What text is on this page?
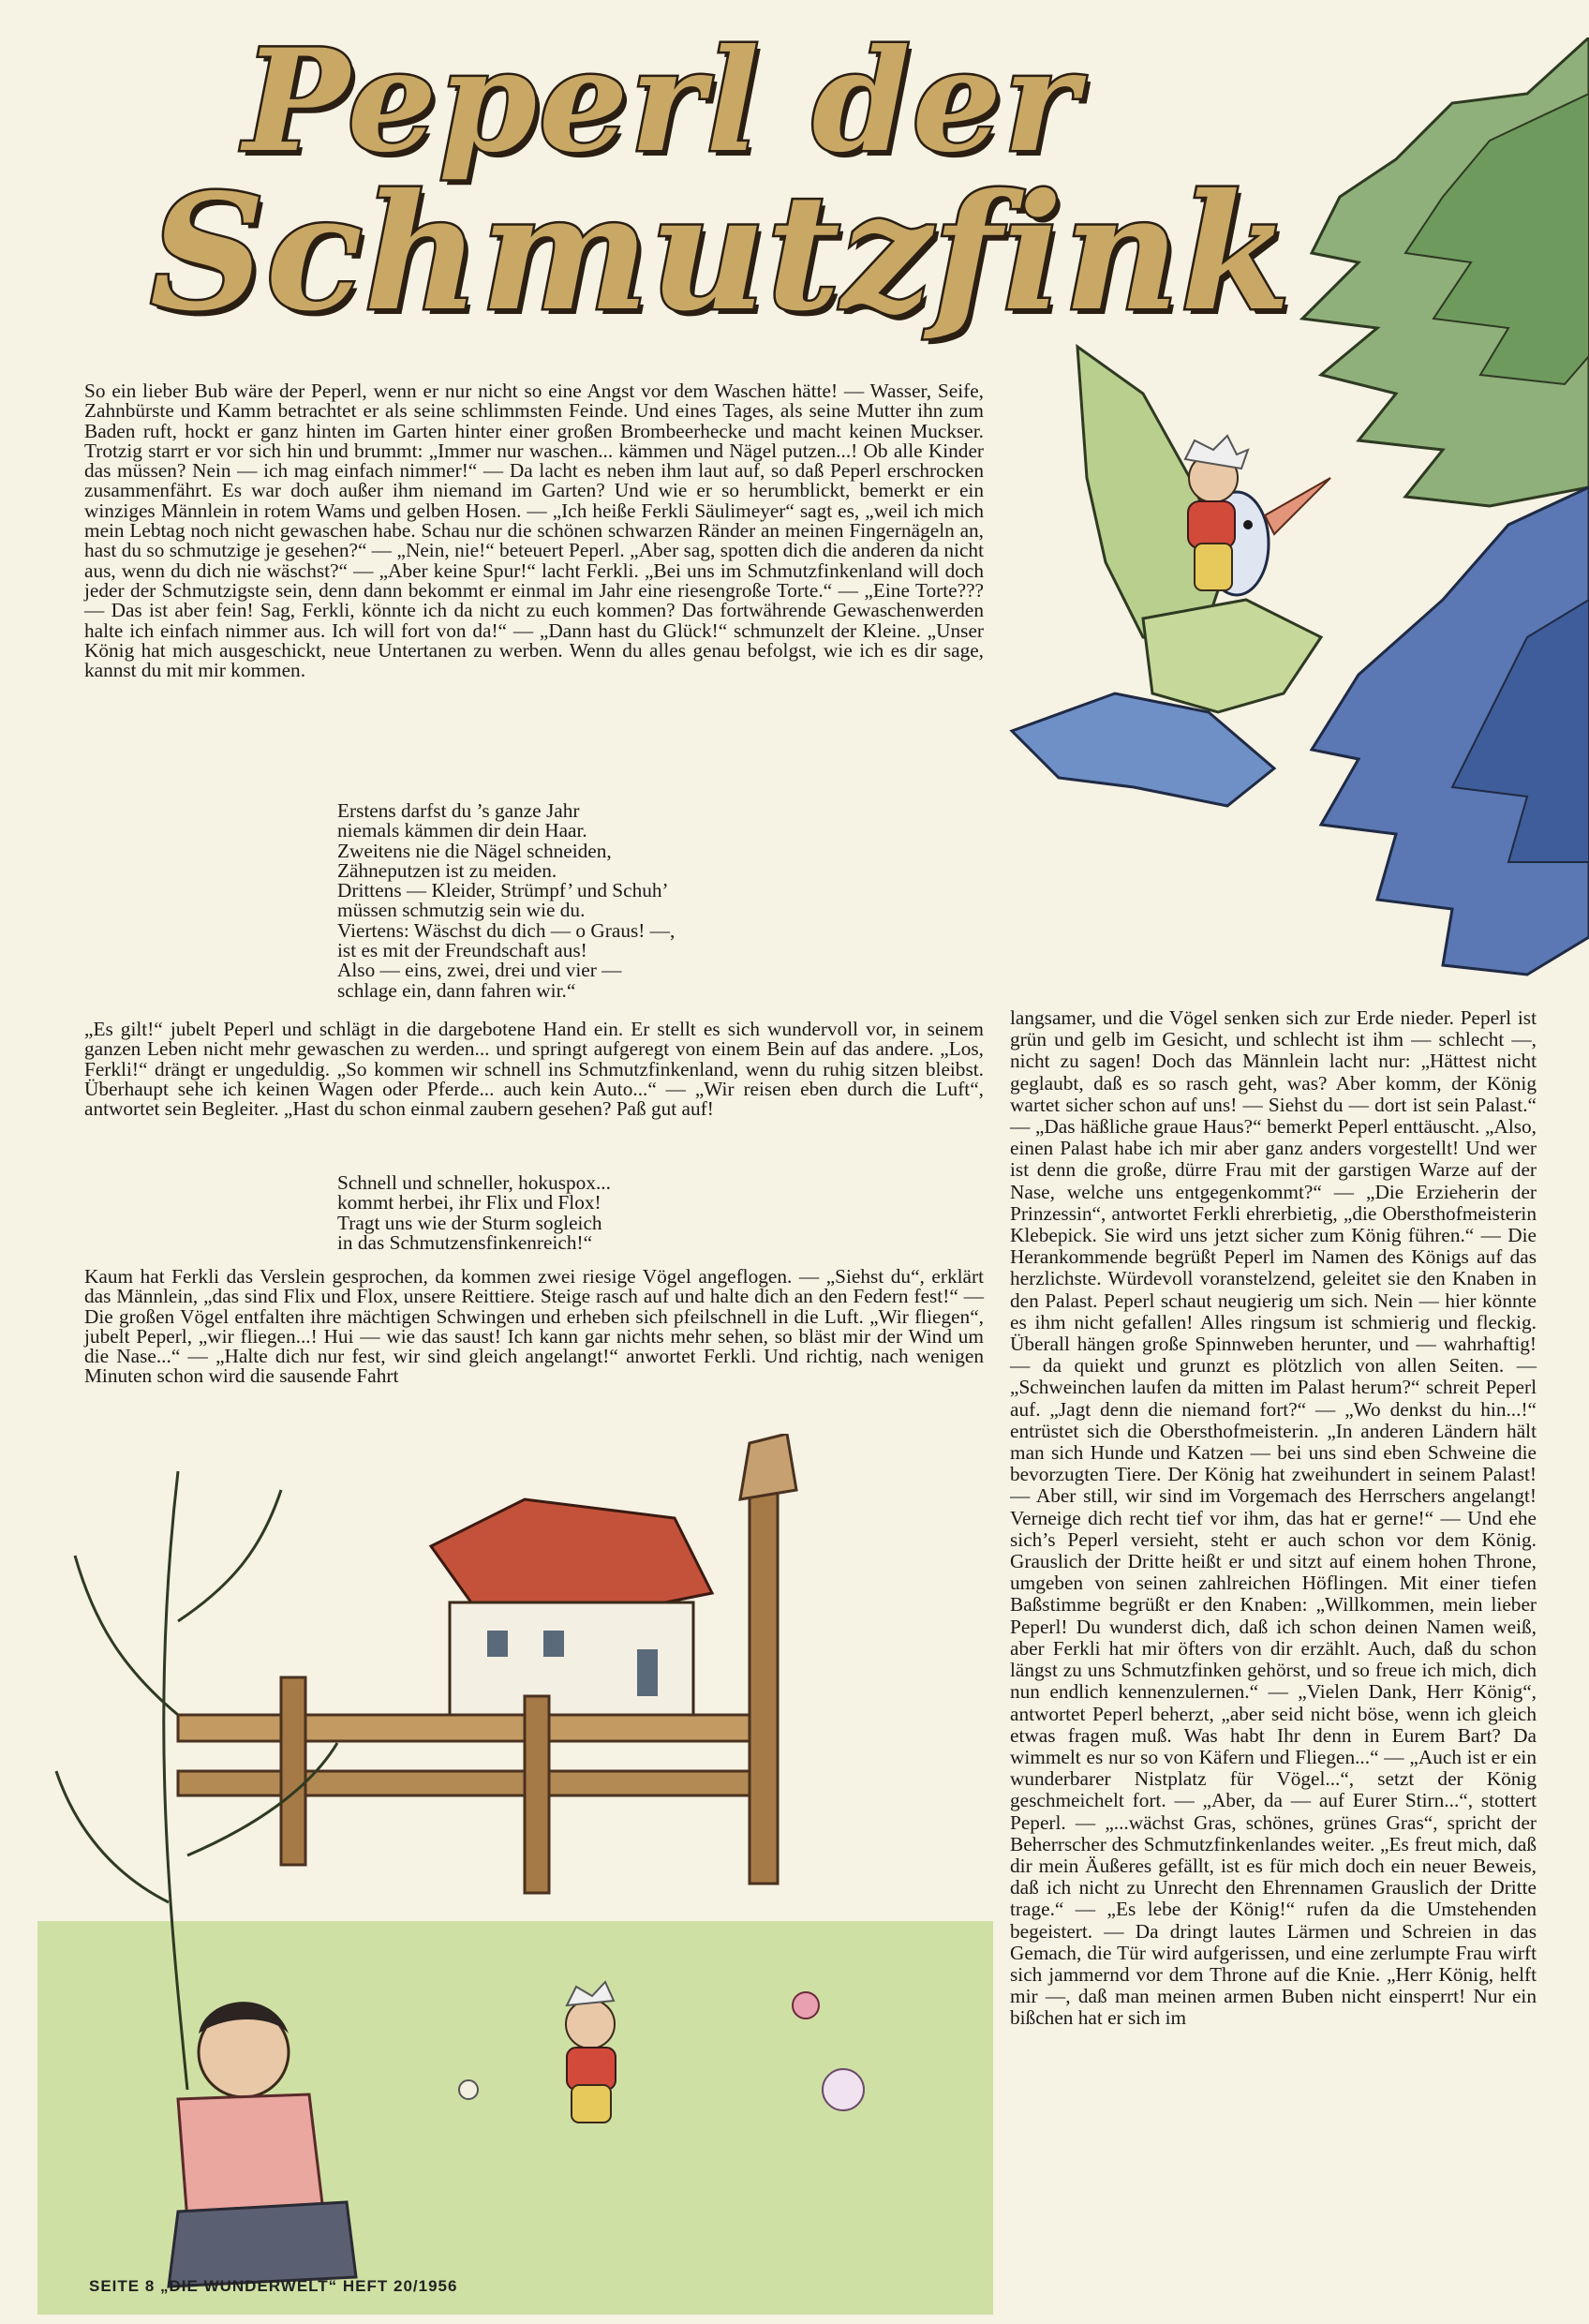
Peperl der
Schmutzfink

So ein lieber Bub wäre der Peperl, wenn er nur nicht so eine Angst vor dem Waschen hätte! — Wasser, Seife, Zahnbürste und Kamm betrachtet er als seine schlimmsten Feinde. Und eines Tages, als seine Mutter ihn zum Baden ruft, hockt er ganz hinten im Garten hinter einer großen Brombeerhecke und macht keinen Muckser. Trotzig starrt er vor sich hin und brummt: „Immer nur waschen... kämmen und Nägel putzen...! Ob alle Kinder das müssen? Nein — ich mag einfach nimmer!“ — Da lacht es neben ihm laut auf, so daß Peperl erschrocken zusammenfährt. Es war doch außer ihm niemand im Garten? Und wie er so herumblickt, bemerkt er ein winziges Männlein in rotem Wams und gelben Hosen. — „Ich heiße Ferkli Säulimeyer“ sagt es, „weil ich mich mein Lebtag noch nicht gewaschen habe. Schau nur die schönen schwarzen Ränder an meinen Fingernägeln an, hast du so schmutzige je gesehen?“ — „Nein, nie!“ beteuert Peperl. „Aber sag, spotten dich die anderen da nicht aus, wenn du dich nie wäschst?“ — „Aber keine Spur!“ lacht Ferkli. „Bei uns im Schmutzfinkenland will doch jeder der Schmutzigste sein, denn dann bekommt er einmal im Jahr eine riesengroße Torte.“ — „Eine Torte??? — Das ist aber fein! Sag, Ferkli, könnte ich da nicht zu euch kommen? Das fortwährende Gewaschenwerden halte ich einfach nimmer aus. Ich will fort von da!“ — „Dann hast du Glück!“ schmunzelt der Kleine. „Unser König hat mich ausgeschickt, neue Untertanen zu werben. Wenn du alles genau befolgst, wie ich es dir sage, kannst du mit mir kommen.

Erstens darfst du ’s ganze Jahr
niemals kämmen dir dein Haar.
Zweitens nie die Nägel schneiden,
Zähneputzen ist zu meiden.
Drittens — Kleider, Strümpf’ und Schuh’
müssen schmutzig sein wie du.
Viertens: Wäschst du dich — o Graus! —,
ist es mit der Freundschaft aus!
Also — eins, zwei, drei und vier —
schlage ein, dann fahren wir.“

„Es gilt!“ jubelt Peperl und schlägt in die dargebotene Hand ein. Er stellt es sich wundervoll vor, in seinem ganzen Leben nicht mehr gewaschen zu werden... und springt aufgeregt von einem Bein auf das andere. „Los, Ferkli!“ drängt er ungeduldig. „So kommen wir schnell ins Schmutzfinkenland, wenn du ruhig sitzen bleibst. Überhaupt sehe ich keinen Wagen oder Pferde... auch kein Auto...“ — „Wir reisen eben durch die Luft“, antwortet sein Begleiter. „Hast du schon einmal zaubern gesehen? Paß gut auf!

Schnell und schneller, hokuspox...
kommt herbei, ihr Flix und Flox!
Tragt uns wie der Sturm sogleich
in das Schmutzensfinkenreich!“

Kaum hat Ferkli das Verslein gesprochen, da kommen zwei riesige Vögel angeflogen. — „Siehst du“, erklärt das Männlein, „das sind Flix und Flox, unsere Reittiere. Steige rasch auf und halte dich an den Federn fest!“ — Die großen Vögel entfalten ihre mächtigen Schwingen und erheben sich pfeilschnell in die Luft. „Wir fliegen“, jubelt Peperl, „wir fliegen...! Hui — wie das saust! Ich kann gar nichts mehr sehen, so bläst mir der Wind um die Nase...“ — „Halte dich nur fest, wir sind gleich angelangt!“ anwortet Ferkli. Und richtig, nach wenigen Minuten schon wird die sausende Fahrt

langsamer, und die Vögel senken sich zur Erde nieder. Peperl ist grün und gelb im Gesicht, und schlecht ist ihm — schlecht —, nicht zu sagen! Doch das Männlein lacht nur: „Hättest nicht geglaubt, daß es so rasch geht, was? Aber komm, der König wartet sicher schon auf uns! — Siehst du — dort ist sein Palast.“ — „Das häßliche graue Haus?“ bemerkt Peperl enttäuscht. „Also, einen Palast habe ich mir aber ganz anders vorgestellt! Und wer ist denn die große, dürre Frau mit der garstigen Warze auf der Nase, welche uns entgegenkommt?“ — „Die Erzieherin der Prinzessin“, antwortet Ferkli ehrerbietig, „die Obersthofmeisterin Klebepick. Sie wird uns jetzt sicher zum König führen.“ — Die Herankommende begrüßt Peperl im Namen des Königs auf das herzlichste. Würdevoll voranstelzend, geleitet sie den Knaben in den Palast. Peperl schaut neugierig um sich. Nein — hier könnte es ihm nicht gefallen! Alles ringsum ist schmierig und fleckig. Überall hängen große Spinnweben herunter, und — wahrhaftig! — da quiekt und grunzt es plötzlich von allen Seiten. — „Schweinchen laufen da mitten im Palast herum?“ schreit Peperl auf. „Jagt denn die niemand fort?“ — „Wo denkst du hin...!“ entrüstet sich die Obersthofmeisterin. „In anderen Ländern hält man sich Hunde und Katzen — bei uns sind eben Schweine die bevorzugten Tiere. Der König hat zweihundert in seinem Palast! — Aber still, wir sind im Vorgemach des Herrschers angelangt! Verneige dich recht tief vor ihm, das hat er gerne!“ — Und ehe sich’s Peperl versieht, steht er auch schon vor dem König. Grauslich der Dritte heißt er und sitzt auf einem hohen Throne, umgeben von seinen zahlreichen Höflingen. Mit einer tiefen Baßstimme begrüßt er den Knaben: „Willkommen, mein lieber Peperl! Du wunderst dich, daß ich schon deinen Namen weiß, aber Ferkli hat mir öfters von dir erzählt. Auch, daß du schon längst zu uns Schmutzfinken gehörst, und so freue ich mich, dich nun endlich kennenzulernen.“ — „Vielen Dank, Herr König“, antwortet Peperl beherzt, „aber seid nicht böse, wenn ich gleich etwas fragen muß. Was habt Ihr denn in Eurem Bart? Da wimmelt es nur so von Käfern und Fliegen...“ — „Auch ist er ein wunderbarer Nistplatz für Vögel...“, setzt der König geschmeichelt fort. — „Aber, da — auf Eurer Stirn...“, stottert Peperl. — „...wächst Gras, schönes, grünes Gras“, spricht der Beherrscher des Schmutzfinkenlandes weiter. „Es freut mich, daß dir mein Äußeres gefällt, ist es für mich doch ein neuer Beweis, daß ich nicht zu Unrecht den Ehrennamen Grauslich der Dritte trage.“ — „Es lebe der König!“ rufen da die Umstehenden begeistert. — Da dringt lautes Lärmen und Schreien in das Gemach, die Tür wird aufgerissen, und eine zerlumpte Frau wirft sich jammernd vor dem Throne auf die Knie. „Herr König, helft mir —, daß man meinen armen Buben nicht einsperrt! Nur ein bißchen hat er sich im

SEITE 8 „DIE WUNDERWELT“ HEFT 20/1956
